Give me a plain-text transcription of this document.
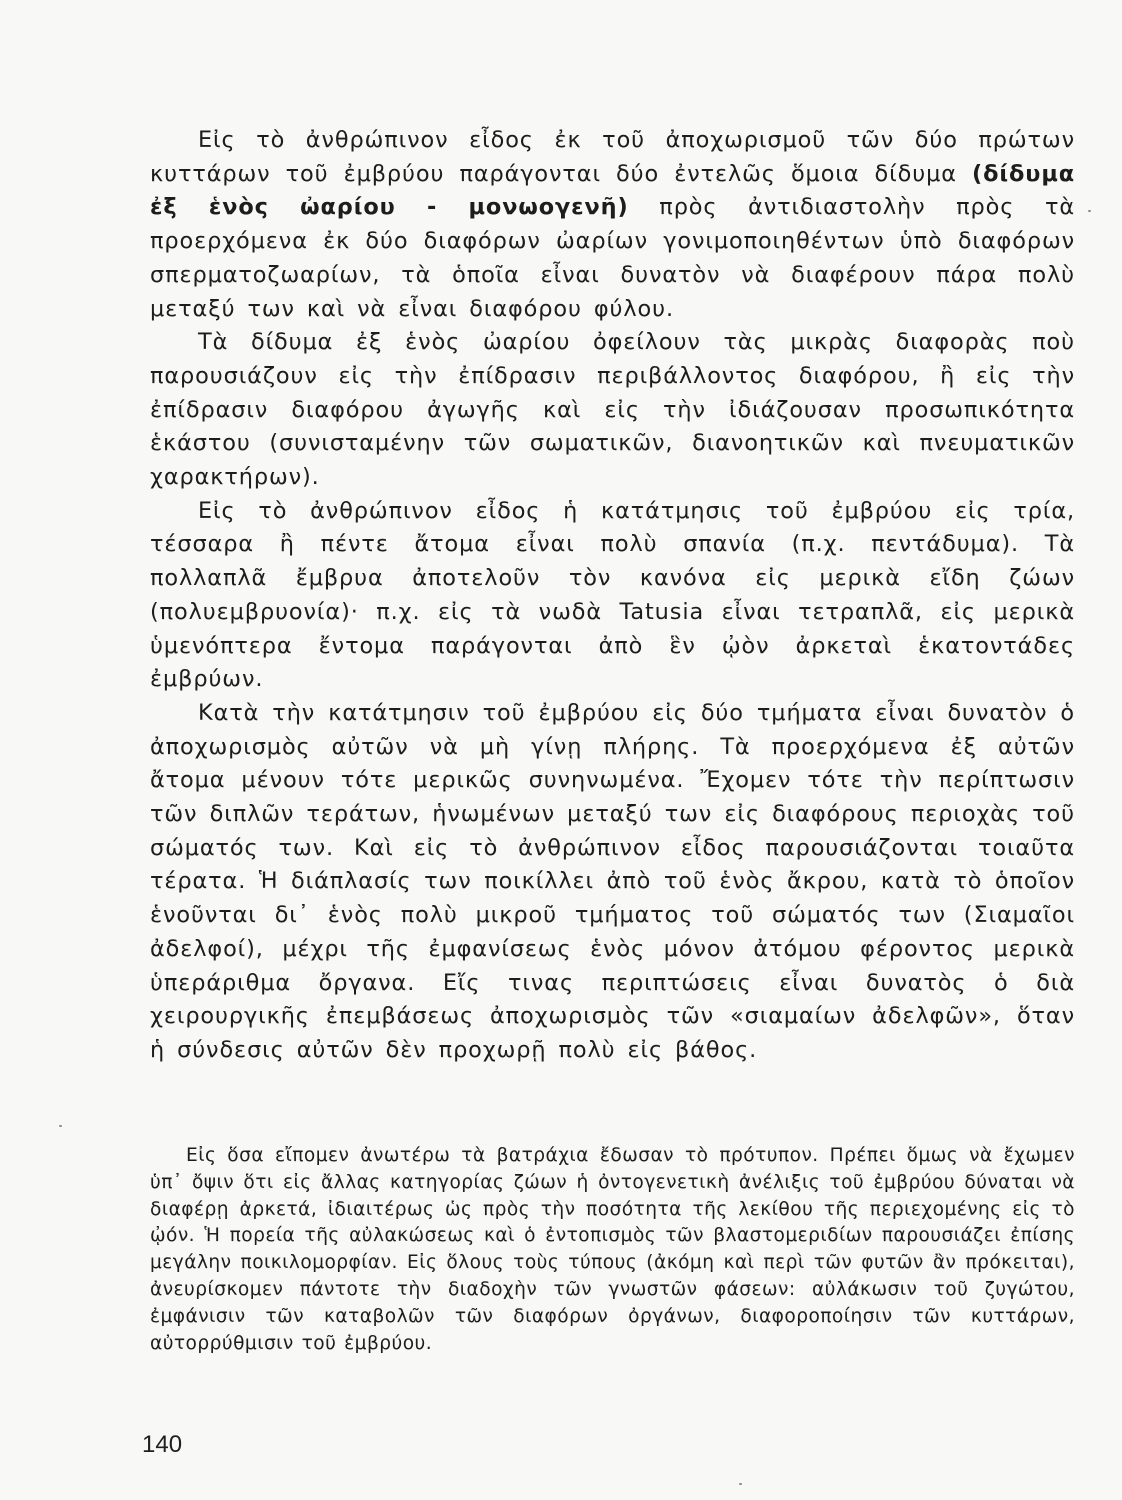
Εἰς τὸ ἀνθρώπινον εἶδος ἐκ τοῦ ἀποχωρισμοῦ τῶν δύο πρώτων κυττάρων τοῦ ἐμβρύου παράγονται δύο ἐντελῶς ὅμοια δίδυμα (δίδυμα ἐξ ἑνὸς ὠαρίου - μονωογενῆ) πρὸς ἀντιδιαστολὴν πρὸς τὰ προερχόμενα ἐκ δύο διαφόρων ὠαρίων γονιμοποιηθέντων ὑπὸ διαφόρων σπερματοζωαρίων, τὰ ὁποῖα εἶναι δυνατὸν νὰ διαφέρουν πάρα πολὺ μεταξύ των καὶ νὰ εἶναι διαφόρου φύλου.

Τὰ δίδυμα ἐξ ἑνὸς ὠαρίου ὀφείλουν τὰς μικρὰς διαφορὰς ποὺ παρουσιάζουν εἰς τὴν ἐπίδρασιν περιβάλλοντος διαφόρου, ἢ εἰς τὴν ἐπίδρασιν διαφόρου ἀγωγῆς καὶ εἰς τὴν ἰδιάζουσαν προσωπικότητα ἑκάστου (συνισταμένην τῶν σωματικῶν, διανοητικῶν καὶ πνευματικῶν χαρακτήρων).

Εἰς τὸ ἀνθρώπινον εἶδος ἡ κατάτμησις τοῦ ἐμβρύου εἰς τρία, τέσσαρα ἢ πέντε ἄτομα εἶναι πολὺ σπανία (π.χ. πεντάδυμα). Τὰ πολλαπλᾶ ἔμβρυα ἀποτελοῦν τὸν κανόνα εἰς μερικὰ εἴδη ζώων (πολυεμβρυονία)· π.χ. εἰς τὰ νωδὰ Tatusia εἶναι τετραπλᾶ, εἰς μερικὰ ὑμενόπτερα ἔντομα παράγονται ἀπὸ ἓν ᾠὸν ἀρκεταὶ ἑκατοντάδες ἐμβρύων.

Κατὰ τὴν κατάτμησιν τοῦ ἐμβρύου εἰς δύο τμήματα εἶναι δυνατὸν ὁ ἀποχωρισμὸς αὐτῶν νὰ μὴ γίνῃ πλήρης. Τὰ προερχόμενα ἐξ αὐτῶν ἄτομα μένουν τότε μερικῶς συνηνωμένα. Ἔχομεν τότε τὴν περίπτωσιν τῶν διπλῶν τεράτων, ἡνωμένων μεταξύ των εἰς διαφόρους περιοχὰς τοῦ σώματός των. Καὶ εἰς τὸ ἀνθρώπινον εἶδος παρουσιάζονται τοιαῦτα τέρατα. Ἡ διάπλασίς των ποικίλλει ἀπὸ τοῦ ἑνὸς ἄκρου, κατὰ τὸ ὁποῖον ἑνοῦνται δι᾽ ἑνὸς πολὺ μικροῦ τμήματος τοῦ σώματός των (Σιαμαῖοι ἀδελφοί), μέχρι τῆς ἐμφανίσεως ἑνὸς μόνον ἀτόμου φέροντος μερικὰ ὑπεράριθμα ὄργανα. Εἴς τινας περιπτώσεις εἶναι δυνατὸς ὁ διὰ χειρουργικῆς ἐπεμβάσεως ἀποχωρισμὸς τῶν «σιαμαίων ἀδελφῶν», ὅταν ἡ σύνδεσις αὐτῶν δὲν προχωρῇ πολὺ εἰς βάθος.

Εἰς ὅσα εἴπομεν ἀνωτέρω τὰ βατράχια ἔδωσαν τὸ πρότυπον. Πρέπει ὅμως νὰ ἔχωμεν ὑπ᾽ ὄψιν ὅτι εἰς ἄλλας κατηγορίας ζώων ἡ ὀντογενετικὴ ἀνέλιξις τοῦ ἐμβρύου δύναται νὰ διαφέρῃ ἀρκετά, ἰδιαιτέρως ὡς πρὸς τὴν ποσότητα τῆς λεκίθου τῆς περιεχομένης εἰς τὸ ᾠόν. Ἡ πορεία τῆς αὐλακώσεως καὶ ὁ ἐντοπισμὸς τῶν βλαστομεριδίων παρουσιάζει ἐπίσης μεγάλην ποικιλομορφίαν. Εἰς ὅλους τοὺς τύπους (ἀκόμη καὶ περὶ τῶν φυτῶν ἂν πρόκειται), ἀνευρίσκομεν πάντοτε τὴν διαδοχὴν τῶν γνωστῶν φάσεων: αὐλάκωσιν τοῦ ζυγώτου, ἐμφάνισιν τῶν καταβολῶν τῶν διαφόρων ὀργάνων, διαφοροποίησιν τῶν κυττάρων, αὐτορρύθμισιν τοῦ ἐμβρύου.

140
